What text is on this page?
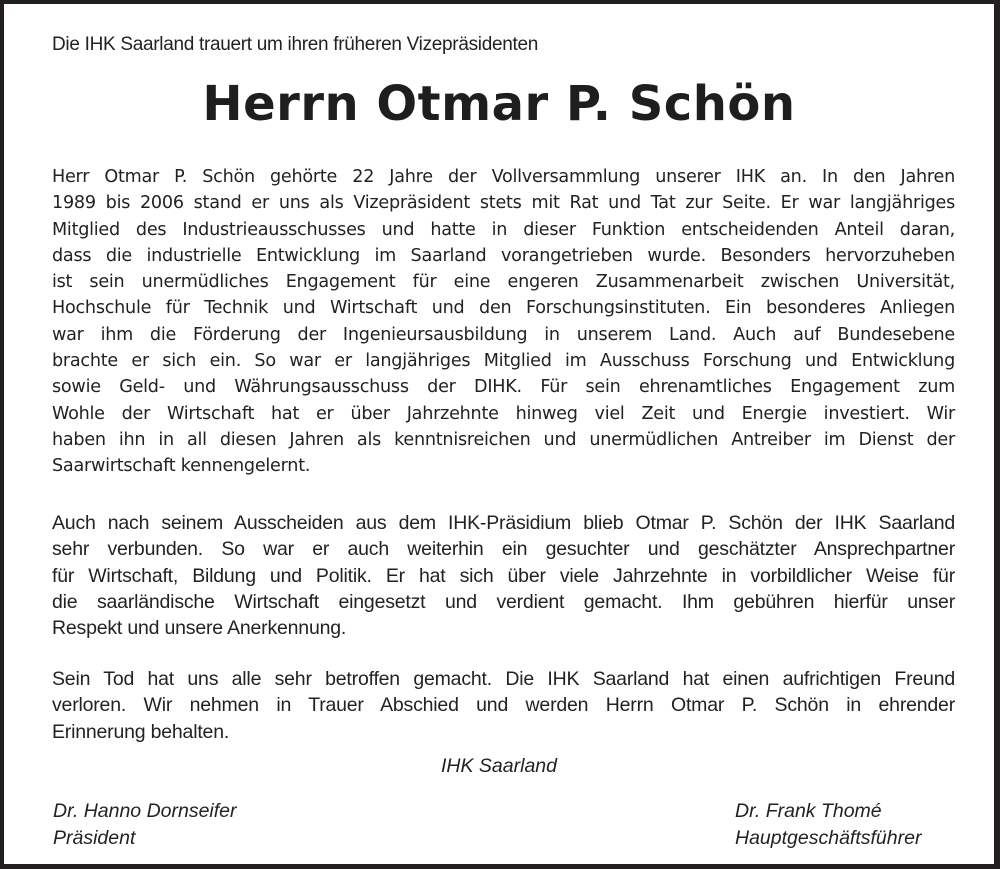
Die IHK Saarland trauert um ihren früheren Vizepräsidenten
Herrn Otmar P. Schön
Herr Otmar P. Schön gehörte 22 Jahre der Vollversammlung unserer IHK an. In den Jahren
1989 bis 2006 stand er uns als Vizepräsident stets mit Rat und Tat zur Seite. Er war langjähriges
Mitglied des Industrieausschusses und hatte in dieser Funktion entscheidenden Anteil daran,
dass die industrielle Entwicklung im Saarland vorangetrieben wurde. Besonders hervorzuheben
ist sein unermüdliches Engagement für eine engeren Zusammenarbeit zwischen Universität,
Hochschule für Technik und Wirtschaft und den Forschungsinstituten. Ein besonderes Anliegen
war ihm die Förderung der Ingenieursausbildung in unserem Land. Auch auf Bundesebene
brachte er sich ein. So war er langjähriges Mitglied im Ausschuss Forschung und Entwicklung
sowie Geld- und Währungsausschuss der DIHK. Für sein ehrenamtliches Engagement zum
Wohle der Wirtschaft hat er über Jahrzehnte hinweg viel Zeit und Energie investiert. Wir
haben ihn in all diesen Jahren als kenntnisreichen und unermüdlichen Antreiber im Dienst der
Saarwirtschaft kennengelernt.
Auch nach seinem Ausscheiden aus dem IHK-Präsidium blieb Otmar P. Schön der IHK Saarland
sehr verbunden. So war er auch weiterhin ein gesuchter und geschätzter Ansprechpartner
für Wirtschaft, Bildung und Politik. Er hat sich über viele Jahrzehnte in vorbildlicher Weise für
die saarländische Wirtschaft eingesetzt und verdient gemacht. Ihm gebühren hierfür unser
Respekt und unsere Anerkennung.
Sein Tod hat uns alle sehr betroffen gemacht. Die IHK Saarland hat einen aufrichtigen Freund
verloren. Wir nehmen in Trauer Abschied und werden Herrn Otmar P. Schön in ehrender
Erinnerung behalten.
IHK Saarland
Dr. Hanno Dornseifer
Präsident
Dr. Frank Thomé
Hauptgeschäftsführer
